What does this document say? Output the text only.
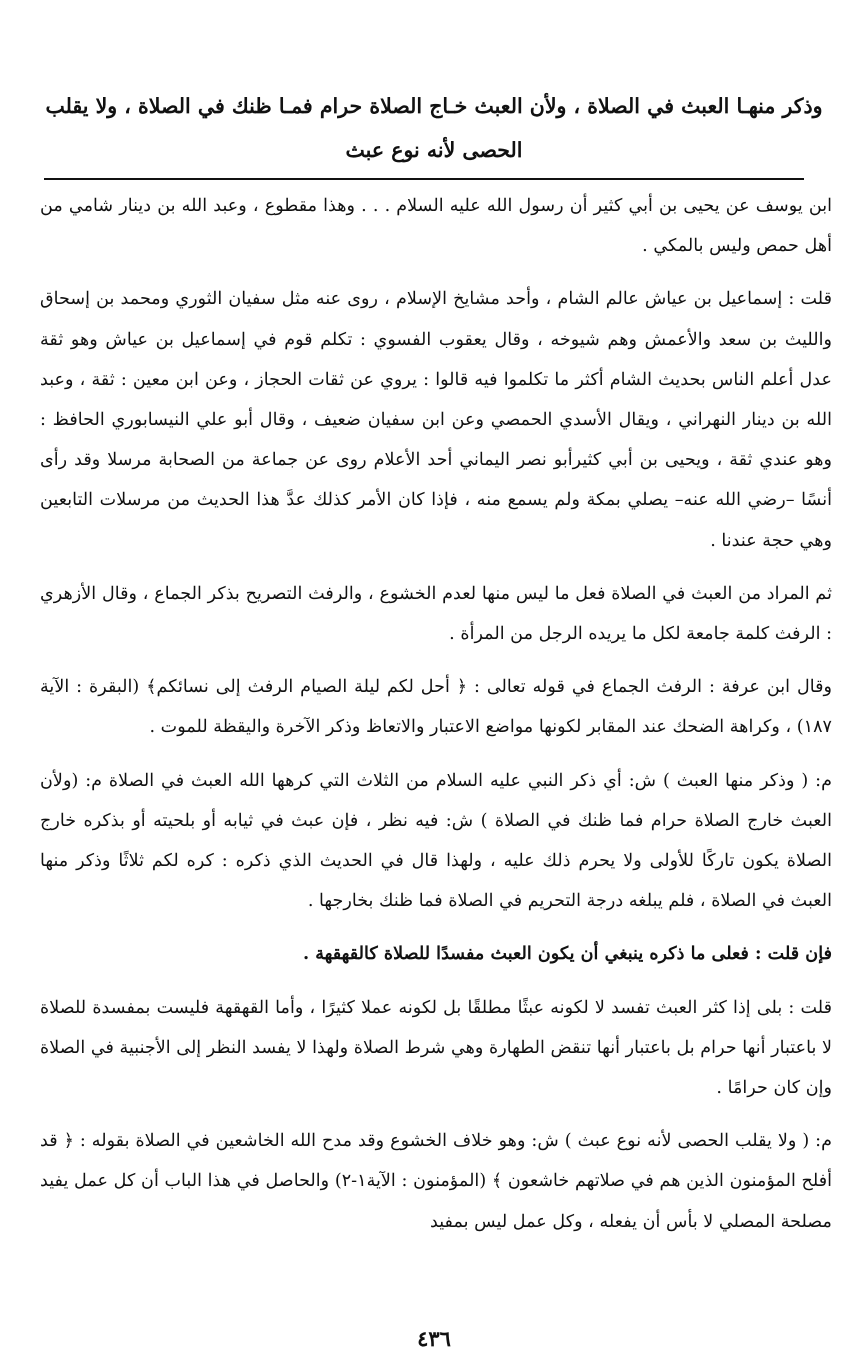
وذكر منهـا العبث في الصلاة ، ولأن العبث خـاج الصلاة حرام فمـا ظنك في الصلاة ، ولا يقلب
الحصى لأنه نوع عبث

ابن يوسف عن يحيى بن أبي كثير أن رسول الله عليه السلام . . . وهذا مقطوع ، وعبد الله بن دينار شامي من أهل حمص وليس بالمكي .

قلت : إسماعيل بن عياش عالم الشام ، وأحد مشايخ الإسلام ، روى عنه مثل سفيان الثوري ومحمد بن إسحاق والليث بن سعد والأعمش وهم شيوخه ، وقال يعقوب الفسوي : تكلم قوم في إسماعيل بن عياش وهو ثقة عدل أعلم الناس بحديث الشام أكثر ما تكلموا فيه قالوا : يروي عن ثقات الحجاز ، وعن ابن معين : ثقة ، وعبد الله بن دينار النهراني ، ويقال الأسدي الحمصي وعن ابن سفيان ضعيف ، وقال أبو علي النيسابوري الحافظ : وهو عندي ثقة ، ويحيى بن أبي كثيرأبو نصر اليماني أحد الأعلام روى عن جماعة من الصحابة مرسلا وقد رأى أنسًا –رضي الله عنه– يصلي بمكة ولم يسمع منه ، فإذا كان الأمر كذلك عدَّ هذا الحديث من مرسلات التابعين وهي حجة عندنا .

ثم المراد من العبث في الصلاة فعل ما ليس منها لعدم الخشوع ، والرفث التصريح بذكر الجماع ، وقال الأزهري : الرفث كلمة جامعة لكل ما يريده الرجل من المرأة .

وقال ابن عرفة : الرفث الجماع في قوله تعالى : ﴿ أحل لكم ليلة الصيام الرفث إلى نسائكم﴾ (البقرة : الآية ١٨٧) ، وكراهة الضحك عند المقابر لكونها مواضع الاعتبار والاتعاظ وذكر الآخرة واليقظة للموت .

م: ( وذكر منها العبث ) ش: أي ذكر النبي عليه السلام من الثلاث التي كرهها الله العبث في الصلاة م: (ولأن العبث خارج الصلاة حرام فما ظنك في الصلاة ) ش: فيه نظر ، فإن عبث في ثيابه أو بلحيته أو بذكره خارج الصلاة يكون تاركًا للأولى ولا يحرم ذلك عليه ، ولهذا قال في الحديث الذي ذكره : كره لكم ثلاثًا وذكر منها العبث في الصلاة ، فلم يبلغه درجة التحريم في الصلاة فما ظنك بخارجها .

فإن قلت : فعلى ما ذكره ينبغي أن يكون العبث مفسدًا للصلاة كالقهقهة .

قلت : بلى إذا كثر العبث تفسد لا لكونه عبثًا مطلقًا بل لكونه عملا كثيرًا ، وأما القهقهة فليست بمفسدة للصلاة لا باعتبار أنها حرام بل باعتبار أنها تنقض الطهارة وهي شرط الصلاة ولهذا لا يفسد النظر إلى الأجنبية في الصلاة وإن كان حرامًا .

م: ( ولا يقلب الحصى لأنه نوع عبث ) ش: وهو خلاف الخشوع وقد مدح الله الخاشعين في الصلاة بقوله : ﴿ قد أفلح المؤمنون الذين هم في صلاتهم خاشعون ﴾ (المؤمنون : الآية١-٢) والحاصل في هذا الباب أن كل عمل يفيد مصلحة المصلي لا بأس أن يفعله ، وكل عمل ليس بمفيد

٤٣٦
